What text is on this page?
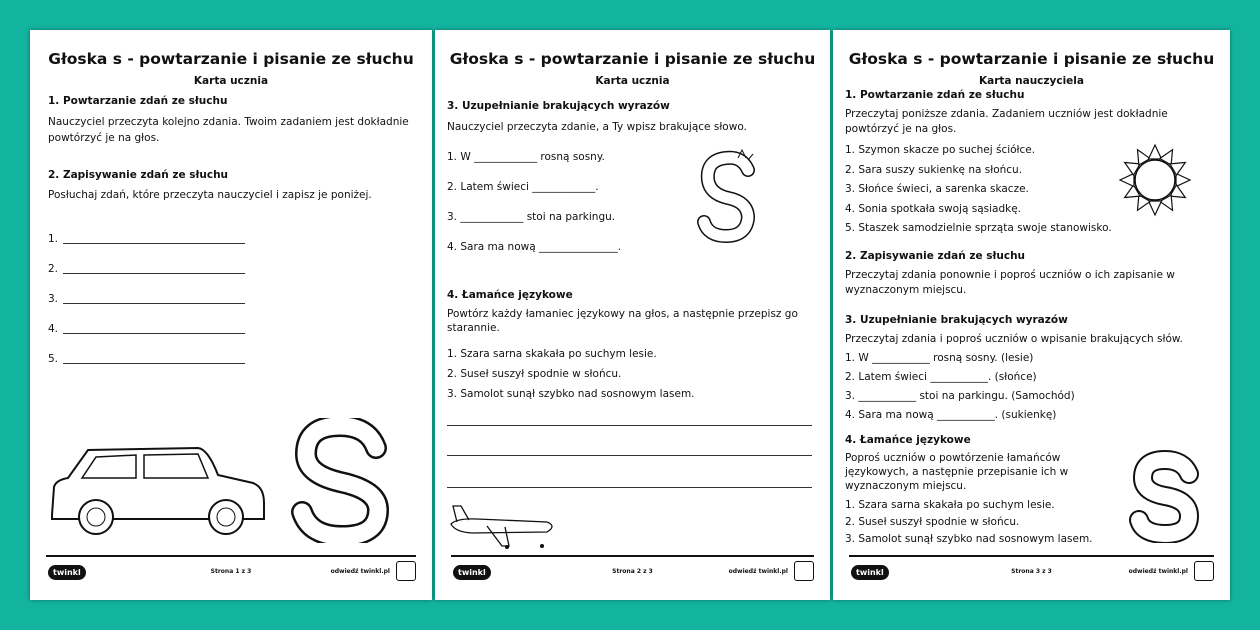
Głoska s - powtarzanie i pisanie ze słuchu
Karta ucznia
1. Powtarzanie zdań ze słuchu
Nauczyciel przeczyta kolejno zdania. Twoim zadaniem jest dokładnie powtórzyć je na głos.
2. Zapisywanie zdań ze słuchu
Posłuchaj zdań, które przeczyta nauczyciel i zapisz je poniżej.
1.
2.
3.
4.
5.
twinkl	Strona 1 z 3	odwiedź twinkl.pl
Głoska s - powtarzanie i pisanie ze słuchu
Karta ucznia
3. Uzupełnianie brakujących wyrazów
Nauczyciel przeczyta zdanie, a Ty wpisz brakujące słowo.
1. W ____________ rosną sosny.
2. Latem świeci ____________.
3. ____________ stoi na parkingu.
4. Sara ma nową _______________.
4. Łamańce językowe
Powtórz każdy łamaniec językowy na głos, a następnie przepisz go starannie.
1. Szara sarna skakała po suchym lesie.
2. Suseł suszył spodnie w słońcu.
3. Samolot sunął szybko nad sosnowym lasem.
twinkl	Strona 2 z 3	odwiedź twinkl.pl
Głoska s - powtarzanie i pisanie ze słuchu
Karta nauczyciela
1. Powtarzanie zdań ze słuchu
Przeczytaj poniższe zdania. Zadaniem uczniów jest dokładnie powtórzyć je na głos.
1. Szymon skacze po suchej ściółce.
2. Sara suszy sukienkę na słońcu.
3. Słońce świeci, a sarenka skacze.
4. Sonia spotkała swoją sąsiadkę.
5. Staszek samodzielnie sprząta swoje stanowisko.
2. Zapisywanie zdań ze słuchu
Przeczytaj zdania ponownie i poproś uczniów o ich zapisanie w wyznaczonym miejscu.
3. Uzupełnianie brakujących wyrazów
Przeczytaj zdania i poproś uczniów o wpisanie brakujących słów.
1. W ___________ rosną sosny. (lesie)
2. Latem świeci ___________. (słońce)
3. ___________ stoi na parkingu. (Samochód)
4. Sara ma nową ___________. (sukienkę)
4. Łamańce językowe
Poproś uczniów o powtórzenie łamańców językowych, a następnie przepisanie ich w wyznaczonym miejscu.
1. Szara sarna skakała po suchym lesie.
2. Suseł suszył spodnie w słońcu.
3. Samolot sunął szybko nad sosnowym lasem.
twinkl	Strona 3 z 3	odwiedź twinkl.pl
